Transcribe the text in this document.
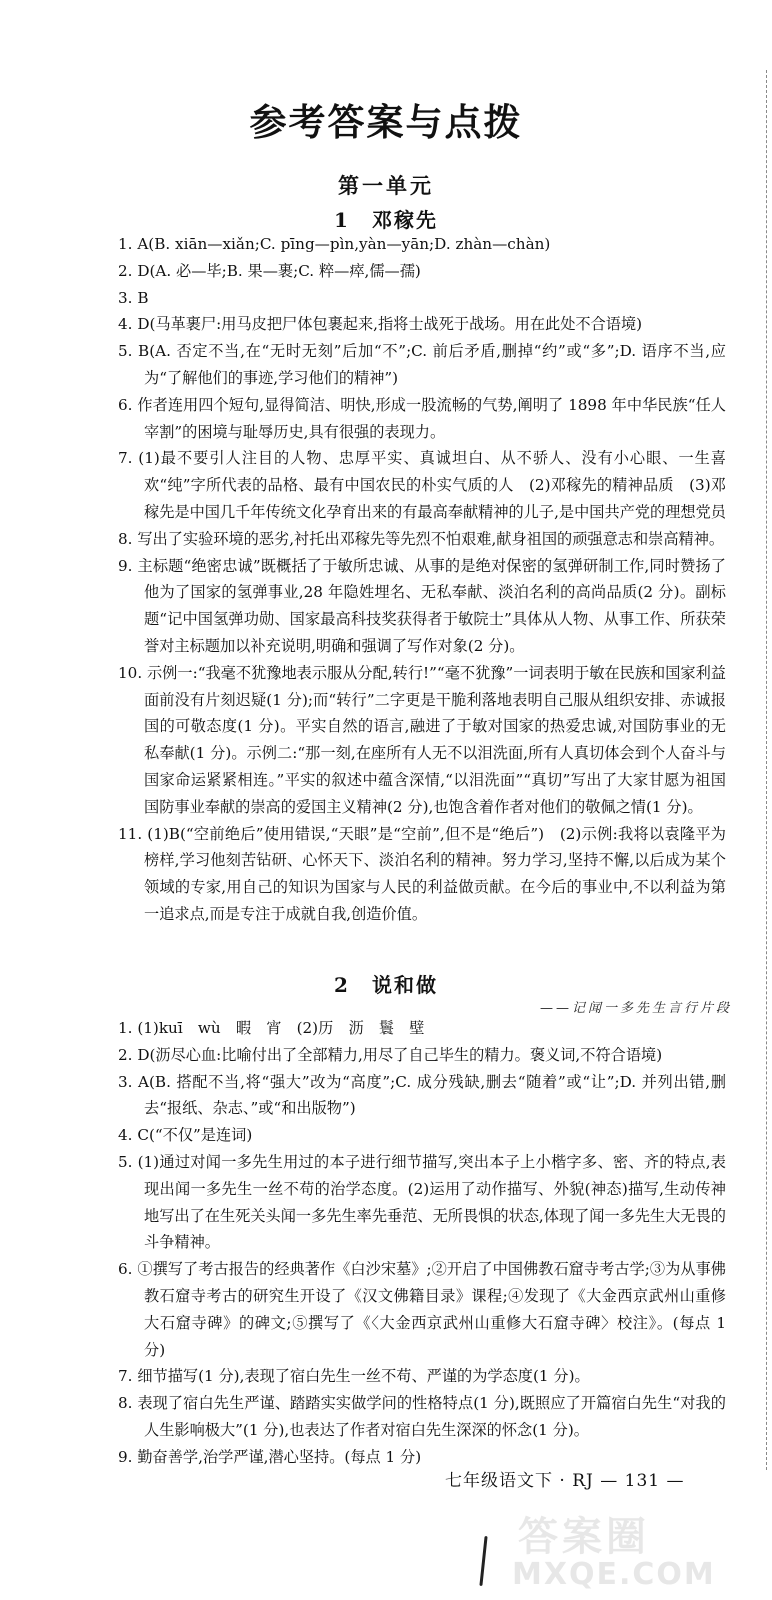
参考答案与点拨
第一单元
1　邓稼先
1. A(B. xiān—xiǎn;C. pīng—pìn,yàn—yān;D. zhàn—chàn)
2. D(A. 必—毕;B. 果—裹;C. 粹—瘁,儒—孺)
3. B
4. D(马革裹尸:用马皮把尸体包裹起来,指将士战死于战场。用在此处不合语境)
5. B(A. 否定不当,在“无时无刻”后加“不”;C. 前后矛盾,删掉“约”或“多”;D. 语序不当,应为“了解他们的事迹,学习他们的精神”)
6. 作者连用四个短句,显得简洁、明快,形成一股流畅的气势,阐明了 1898 年中华民族“任人宰割”的困境与耻辱历史,具有很强的表现力。
7. (1)最不要引人注目的人物、忠厚平实、真诚坦白、从不骄人、没有小心眼、一生喜欢“纯”字所代表的品格、最有中国农民的朴实气质的人　(2)邓稼先的精神品质　(3)邓稼先是中国几千年传统文化孕育出来的有最高奉献精神的儿子,是中国共产党的理想党员
8. 写出了实验环境的恶劣,衬托出邓稼先等先烈不怕艰难,献身祖国的顽强意志和崇高精神。
9. 主标题“绝密忠诚”既概括了于敏所忠诚、从事的是绝对保密的氢弹研制工作,同时赞扬了他为了国家的氢弹事业,28 年隐姓埋名、无私奉献、淡泊名利的高尚品质(2 分)。副标题“记中国氢弹功勋、国家最高科技奖获得者于敏院士”具体从人物、从事工作、所获荣誉对主标题加以补充说明,明确和强调了写作对象(2 分)。
10. 示例一:“我毫不犹豫地表示服从分配,转行!”“毫不犹豫”一词表明于敏在民族和国家利益面前没有片刻迟疑(1 分);而“转行”二字更是干脆利落地表明自己服从组织安排、赤诚报国的可敬态度(1 分)。平实自然的语言,融进了于敏对国家的热爱忠诚,对国防事业的无私奉献(1 分)。示例二:“那一刻,在座所有人无不以泪洗面,所有人真切体会到个人奋斗与国家命运紧紧相连。”平实的叙述中蕴含深情,“以泪洗面”“真切”写出了大家甘愿为祖国国防事业奉献的崇高的爱国主义精神(2 分),也饱含着作者对他们的敬佩之情(1 分)。
11. (1)B(“空前绝后”使用错误,“天眼”是“空前”,但不是“绝后”)　(2)示例:我将以袁隆平为榜样,学习他刻苦钻研、心怀天下、淡泊名利的精神。努力学习,坚持不懈,以后成为某个领域的专家,用自己的知识为国家与人民的利益做贡献。在今后的事业中,不以利益为第一追求点,而是专注于成就自我,创造价值。
2　说和做
——记闻一多先生言行片段
1. (1)kuī　wù　暇　宵　(2)历　沥　鬟　壁
2. D(沥尽心血:比喻付出了全部精力,用尽了自己毕生的精力。褒义词,不符合语境)
3. A(B. 搭配不当,将“强大”改为“高度”;C. 成分残缺,删去“随着”或“让”;D. 并列出错,删去“报纸、杂志、”或“和出版物”)
4. C(“不仅”是连词)
5. (1)通过对闻一多先生用过的本子进行细节描写,突出本子上小楷字多、密、齐的特点,表现出闻一多先生一丝不苟的治学态度。(2)运用了动作描写、外貌(神态)描写,生动传神地写出了在生死关头闻一多先生率先垂范、无所畏惧的状态,体现了闻一多先生大无畏的斗争精神。
6. ①撰写了考古报告的经典著作《白沙宋墓》;②开启了中国佛教石窟寺考古学;③为从事佛教石窟寺考古的研究生开设了《汉文佛籍目录》课程;④发现了《大金西京武州山重修大石窟寺碑》的碑文;⑤撰写了《〈大金西京武州山重修大石窟寺碑〉校注》。(每点 1 分)
7. 细节描写(1 分),表现了宿白先生一丝不苟、严谨的为学态度(1 分)。
8. 表现了宿白先生严谨、踏踏实实做学问的性格特点(1 分),既照应了开篇宿白先生“对我的人生影响极大”(1 分),也表达了作者对宿白先生深深的怀念(1 分)。
9. 勤奋善学,治学严谨,潜心坚持。(每点 1 分)
七年级语文下 · RJ — 131 —
答案圈
MXQE.COM
